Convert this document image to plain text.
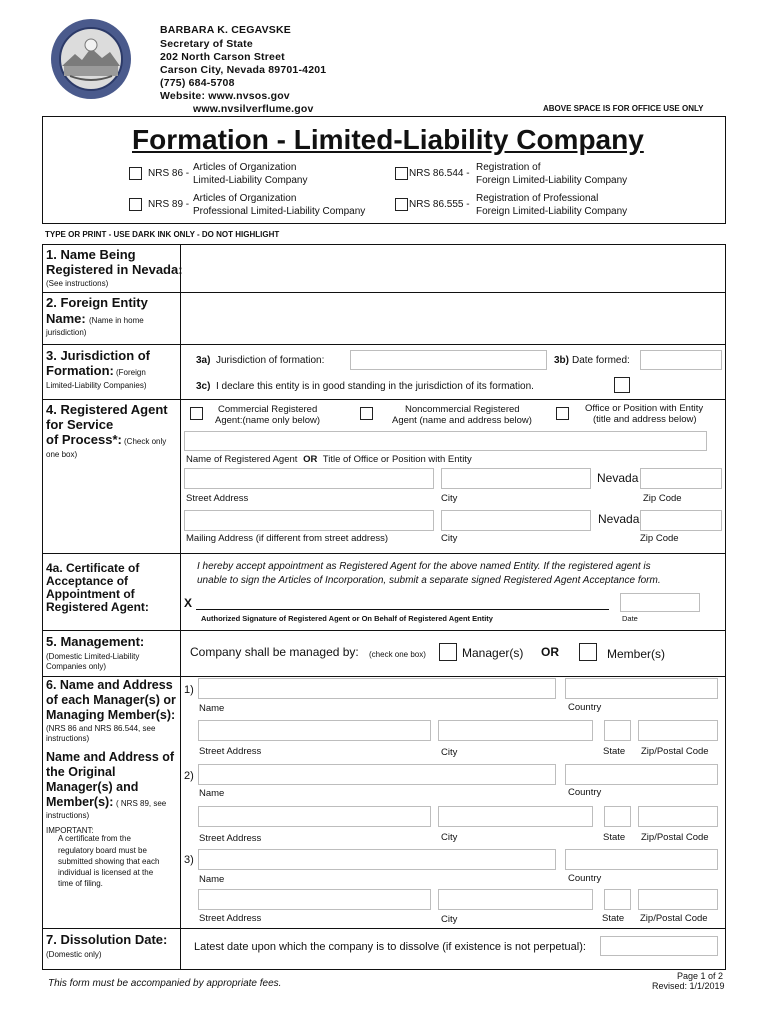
BARBARA K. CEGAVSKE
Secretary of State
202 North Carson Street
Carson City, Nevada 89701-4201
(775) 684-5708
Website: www.nvsos.gov
www.nvsilverflume.gov	ABOVE SPACE IS FOR OFFICE USE ONLY
Formation - Limited-Liability Company
NRS 86 -
Articles of Organization
Limited-Liability Company
NRS 89 -
Articles of Organization
Professional Limited-Liability Company
NRS 86.544 -
Registration of
Foreign Limited-Liability Company
NRS 86.555 -
Registration of Professional
Foreign Limited-Liability Company
TYPE OR PRINT - USE DARK INK ONLY - DO NOT HIGHLIGHT
1. Name Being
Registered in Nevada:
(See instructions)
2. Foreign Entity
Name: (Name in home
jurisdiction)
3. Jurisdiction of
Formation: (Foreign
Limited-Liability Companies)
3a) Jurisdiction of formation:	3b) Date formed:
3c) I declare this entity is in good standing in the jurisdiction of its formation.
4. Registered Agent
for Service
of Process*: (Check only
one box)
Commercial Registered
Agent:(name only below)
Noncommercial Registered
Agent (name and address below)
Office or Position with Entity
(title and address below)
Name of Registered Agent OR Title of Office or Position with Entity
Nevada
Street Address	City	Zip Code
Nevada
Mailing Address (if different from street address)	City	Zip Code
4a. Certificate of
Acceptance of
Appointment of
Registered Agent:
I hereby accept appointment as Registered Agent for the above named Entity. If the registered agent is
unable to sign the Articles of Incorporation, submit a separate signed Registered Agent Acceptance form.
X
Authorized Signature of Registered Agent or On Behalf of Registered Agent Entity	Date
5. Management:
(Domestic Limited-Liability
Companies only)
Company shall be managed by: (check one box)	Manager(s) OR	Member(s)
6. Name and Address
of each Manager(s) or
Managing Member(s):
(NRS 86 and NRS 86.544, see
instructions)
Name and Address of
the Original
Manager(s) and
Member(s): ( NRS 89, see
instructions)
IMPORTANT:
A certificate from the
regulatory board must be
submitted showing that each
individual is licensed at the
time of filing.
1)
Name	Country
Street Address	City	State Zip/Postal Code
2)
Name	Country
Street Address	City	State Zip/Postal Code
3)
Name	Country
Street Address	City	State Zip/Postal Code
7. Dissolution Date:
(Domestic only)
Latest date upon which the company is to dissolve (if existence is not perpetual):
This form must be accompanied by appropriate fees.
Page 1 of 2
Revised: 1/1/2019
